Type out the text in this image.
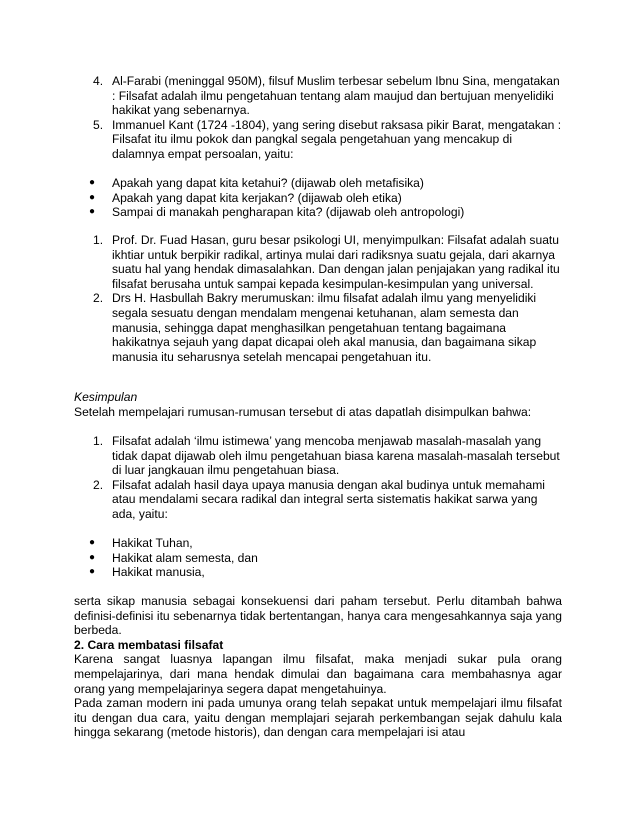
4. Al-Farabi (meninggal 950M), filsuf Muslim terbesar sebelum Ibnu Sina, mengatakan : Filsafat adalah ilmu pengetahuan tentang alam maujud dan bertujuan menyelidiki hakikat yang sebenarnya.
5. Immanuel Kant (1724 -1804), yang sering disebut raksasa pikir Barat, mengatakan : Filsafat itu ilmu pokok dan pangkal segala pengetahuan yang mencakup di dalamnya empat persoalan, yaitu:
● Apakah yang dapat kita ketahui? (dijawab oleh metafisika)
● Apakah yang dapat kita kerjakan? (dijawab oleh etika)
● Sampai di manakah pengharapan kita? (dijawab oleh antropologi)
1. Prof. Dr. Fuad Hasan, guru besar psikologi UI, menyimpulkan: Filsafat adalah suatu ikhtiar untuk berpikir radikal, artinya mulai dari radiksnya suatu gejala, dari akarnya suatu hal yang hendak dimasalahkan. Dan dengan jalan penjajakan yang radikal itu filsafat berusaha untuk sampai kepada kesimpulan-kesimpulan yang universal.
2. Drs H. Hasbullah Bakry merumuskan: ilmu filsafat adalah ilmu yang menyelidiki segala sesuatu dengan mendalam mengenai ketuhanan, alam semesta dan manusia, sehingga dapat menghasilkan pengetahuan tentang bagaimana hakikatnya sejauh yang dapat dicapai oleh akal manusia, dan bagaimana sikap manusia itu seharusnya setelah mencapai pengetahuan itu.
Kesimpulan
Setelah mempelajari rumusan-rumusan tersebut di atas dapatlah disimpulkan bahwa:
1. Filsafat adalah ‘ilmu istimewa’ yang mencoba menjawab masalah-masalah yang tidak dapat dijawab oleh ilmu pengetahuan biasa karena masalah-masalah tersebut di luar jangkauan ilmu pengetahuan biasa.
2. Filsafat adalah hasil daya upaya manusia dengan akal budinya untuk memahami atau mendalami secara radikal dan integral serta sistematis hakikat sarwa yang ada, yaitu:
● Hakikat Tuhan,
● Hakikat alam semesta, dan
● Hakikat manusia,
serta sikap manusia sebagai konsekuensi dari paham tersebut. Perlu ditambah bahwa definisi-definisi itu sebenarnya tidak bertentangan, hanya cara mengesahkannya saja yang berbeda.
2. Cara membatasi filsafat
Karena sangat luasnya lapangan ilmu filsafat, maka menjadi sukar pula orang mempelajarinya, dari mana hendak dimulai dan bagaimana cara membahasnya agar orang yang mempelajarinya segera dapat mengetahuinya.
Pada zaman modern ini pada umunya orang telah sepakat untuk mempelajari ilmu filsafat itu dengan dua cara, yaitu dengan memplajari sejarah perkembangan sejak dahulu kala hingga sekarang (metode historis), dan dengan cara mempelajari isi atau
